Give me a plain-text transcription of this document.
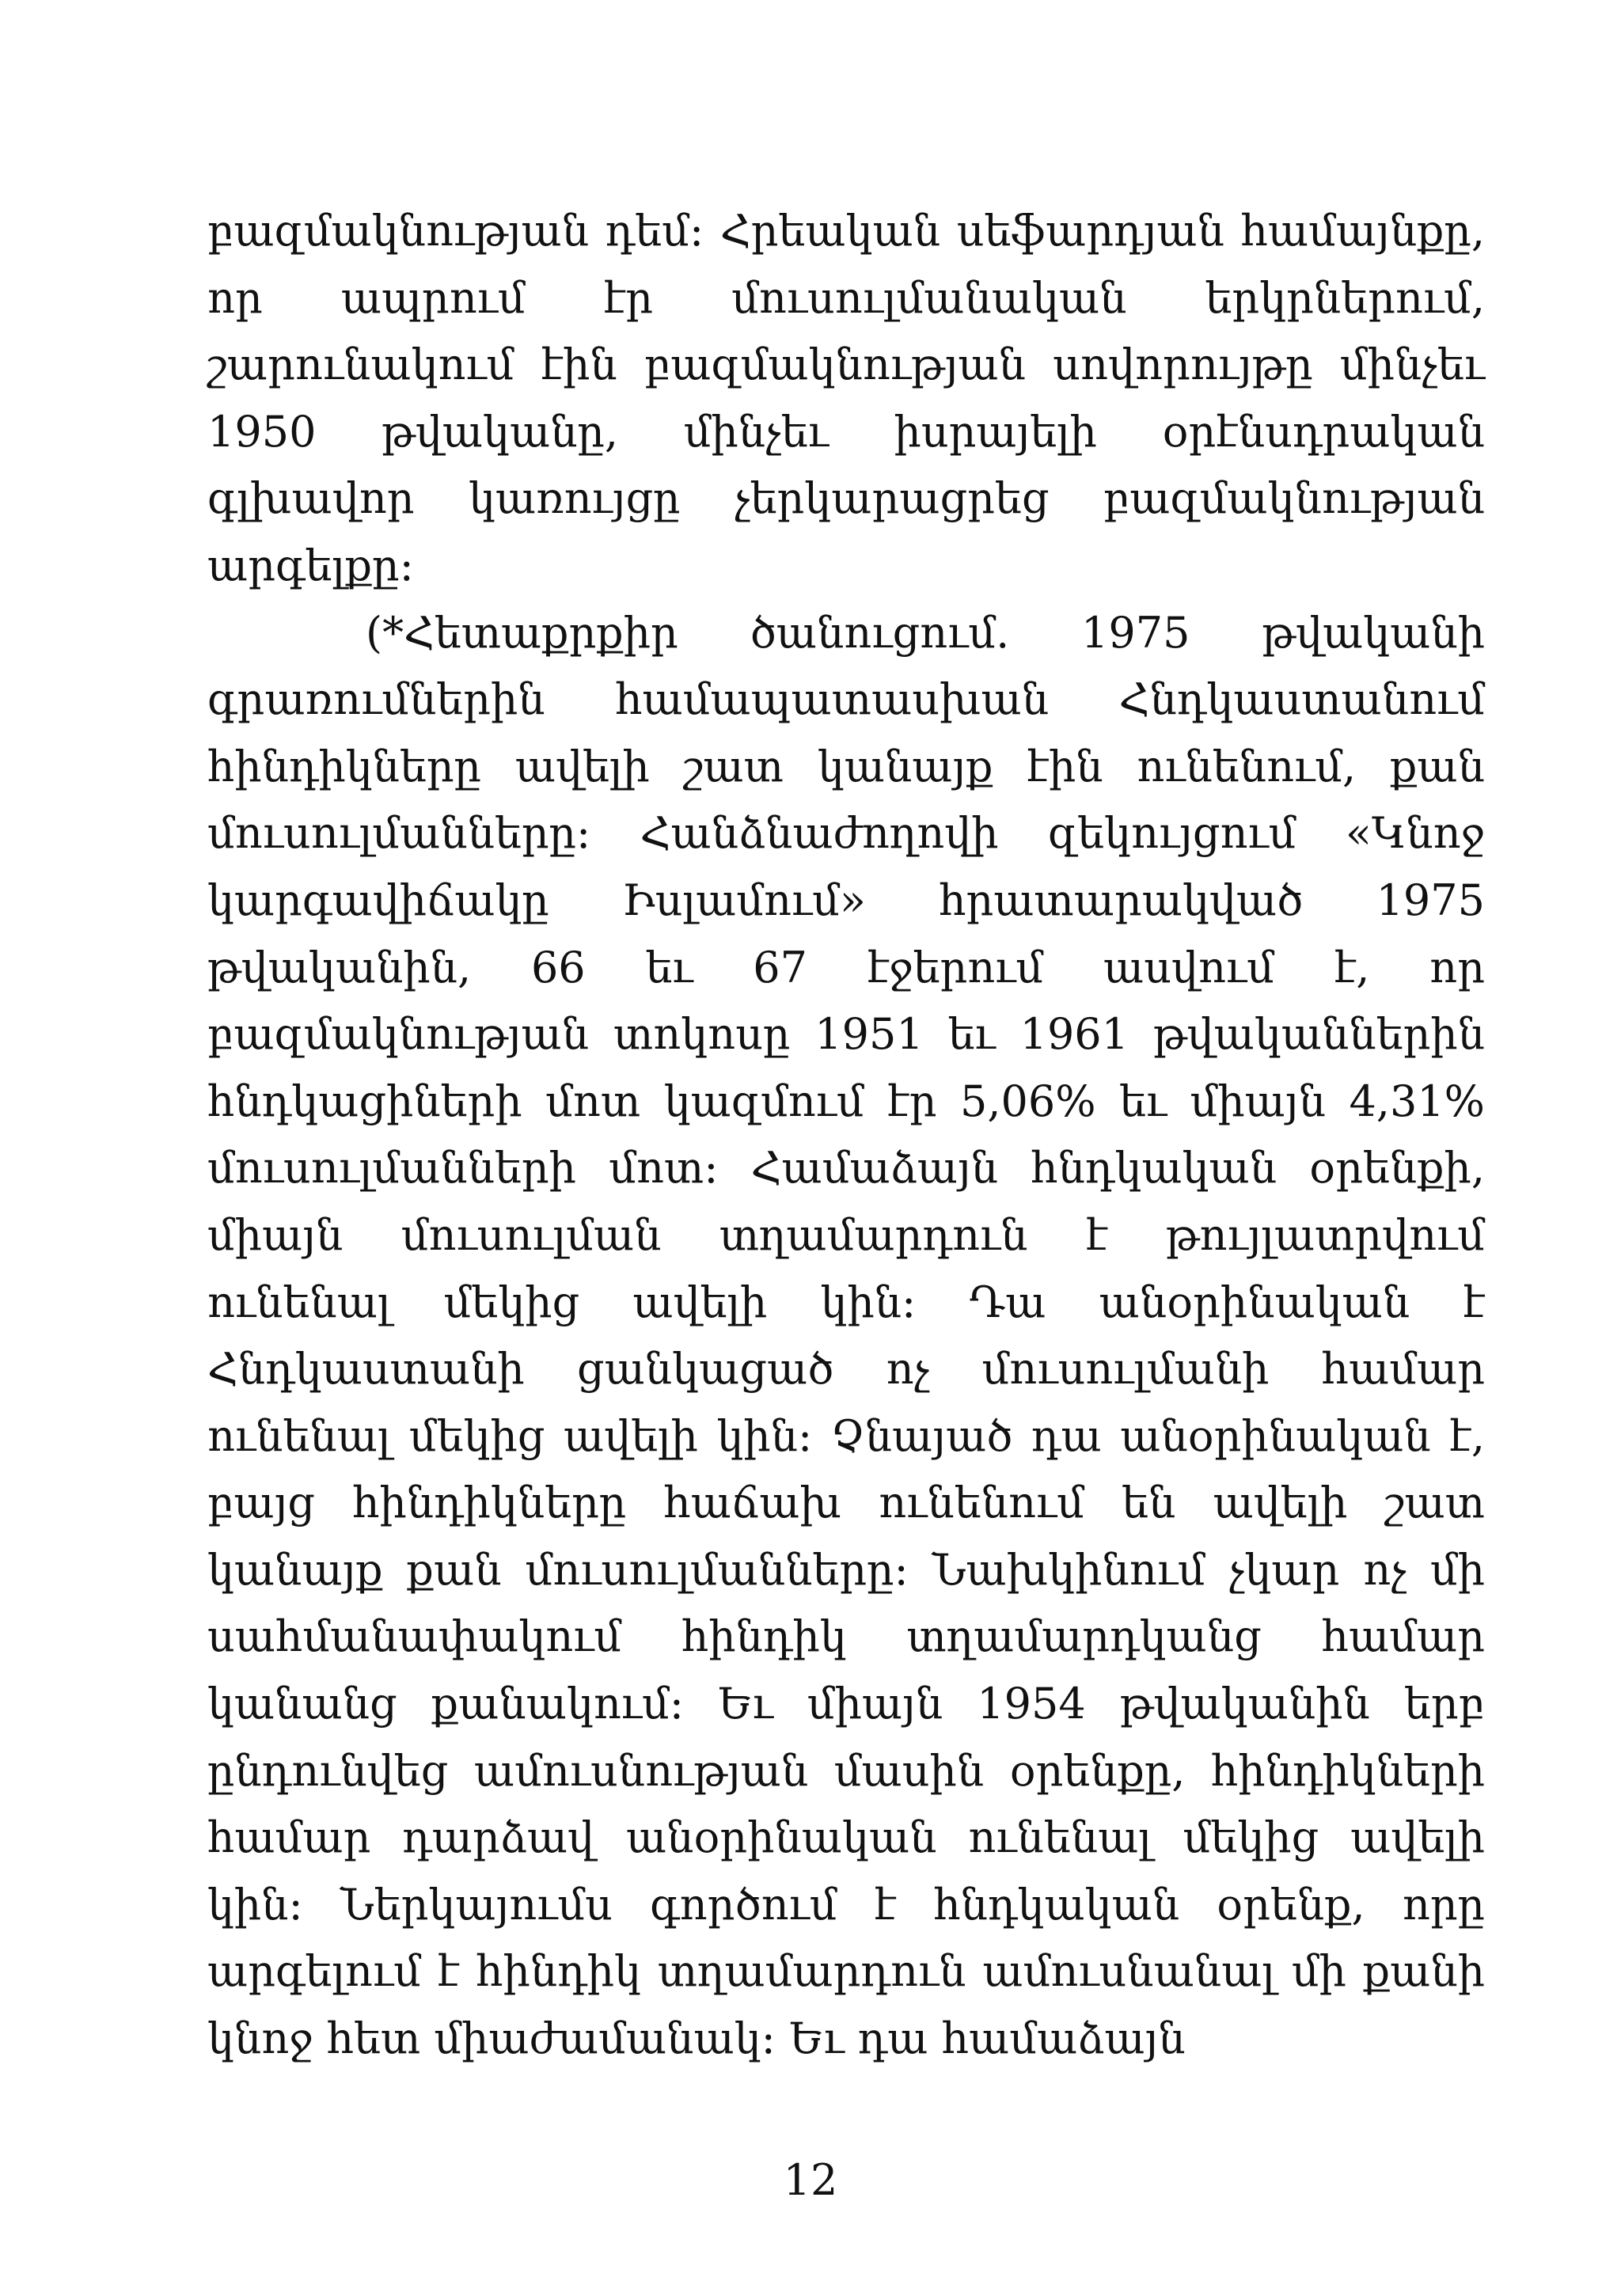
բազմակնության դեմ: Հրեական սեֆարդյան համայնքը, որ ապրում էր մուսուլմանական երկրներում, շարունակում էին բազմակնության սովորույթը մինչեւ 1950 թվականը, մինչեւ իսրայելի օրէնսդրական գլխավոր կառույցը չերկարացրեց բազմակնության արգելքը:

(*Հետաքրքիր ծանուցում. 1975 թվականի գրառումներին համապատասխան Հնդկաստանում հինդիկները ավելի շատ կանայք էին ունենում, քան մուսուլմանները: Հանձնաժողովի զեկույցում «Կնոջ կարգավիճակը Իսլամում» հրատարակված 1975 թվականին, 66 եւ 67 էջերում ասվում է, որ բազմակնության տոկոսը 1951 եւ 1961 թվականներին հնդկացիների մոտ կազմում էր 5,06% եւ միայն 4,31% մուսուլմանների մոտ: Համաձայն հնդկական օրենքի, միայն մուսուլման տղամարդուն է թույլատրվում ունենալ մեկից ավելի կին: Դա անօրինական է Հնդկաստանի ցանկացած ոչ մուսուլմանի համար ունենալ մեկից ավելի կին: Չնայած դա անօրինական է, բայց հինդիկները հաճախ ունենում են ավելի շատ կանայք քան մուսուլմանները: Նախկինում չկար ոչ մի սահմանափակում հինդիկ տղամարդկանց համար կանանց քանակում: Եւ միայն 1954 թվականին երբ ընդունվեց ամուսնության մասին օրենքը, հինդիկների համար դարձավ անօրինական ունենալ մեկից ավելի կին: Ներկայումս գործում է հնդկական օրենք, որը արգելում է հինդիկ տղամարդուն ամուսնանալ մի քանի կնոջ հետ միաժամանակ: Եւ դա համաձայն

12
